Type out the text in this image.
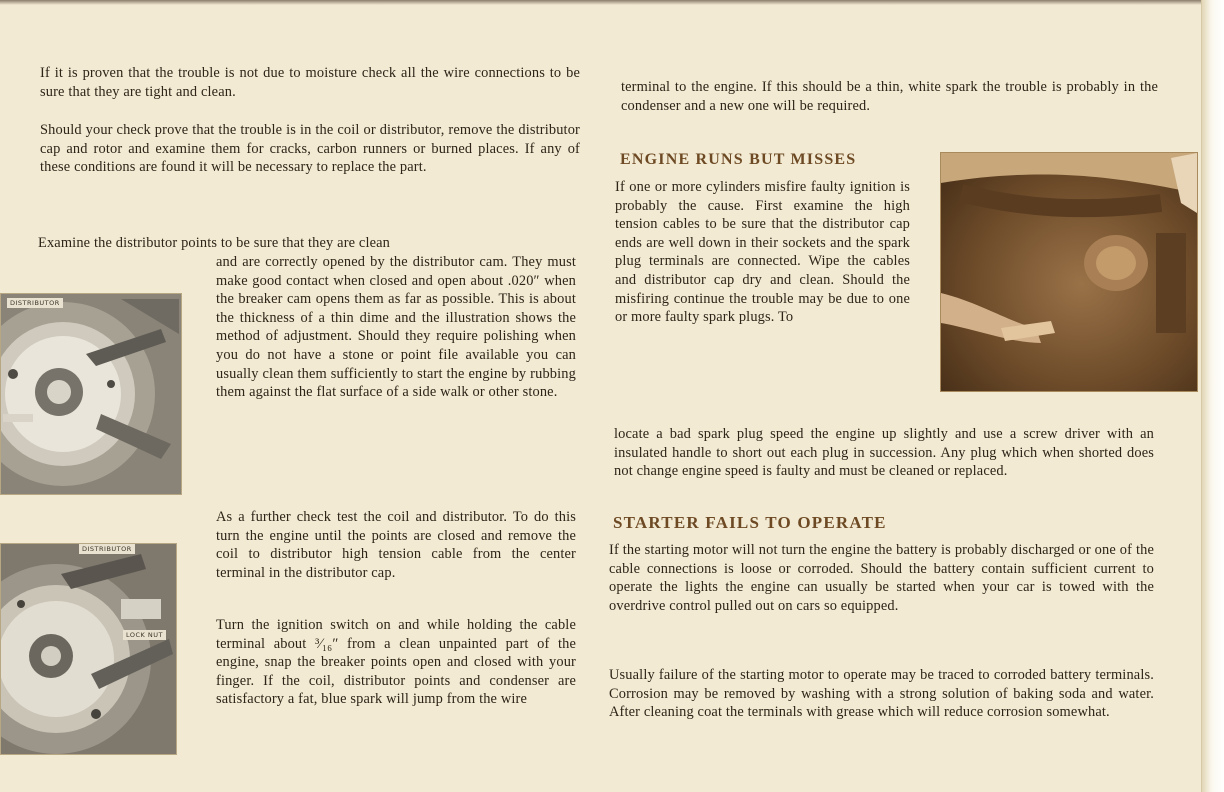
If it is proven that the trouble is not due to moisture check all the wire connections to be sure that they are tight and clean.

Should your check prove that the trouble is in the coil or distributor, remove the distributor cap and rotor and examine them for cracks, carbon runners or burned places. If any of these conditions are found it will be necessary to replace the part.

Examine the distributor points to be sure that they are clean

and are correctly opened by the distributor cam. They must make good contact when closed and open about .020″ when the breaker cam opens them as far as possible. This is about the thickness of a thin dime and the illustration shows the method of adjustment. Should they require polishing when you do not have a stone or point file available you can usually clean them sufficiently to start the engine by rubbing them against the flat surface of a side walk or other stone.

As a further check test the coil and distributor. To do this turn the engine until the points are closed and remove the coil to distributor high tension cable from the center terminal in the distributor cap.

Turn the ignition switch on and while holding the cable terminal about ³⁄₁₆″ from a clean unpainted part of the engine, snap the breaker points open and closed with your finger. If the coil, distributor points and condenser are satisfactory a fat, blue spark will jump from the wire

DISTRIBUTOR
DISTRIBUTOR
LOCK NUT

terminal to the engine. If this should be a thin, white spark the trouble is probably in the condenser and a new one will be required.

ENGINE RUNS BUT MISSES

If one or more cylinders misfire faulty ignition is probably the cause. First examine the high tension cables to be sure that the distributor cap ends are well down in their sockets and the spark plug terminals are connected. Wipe the cables and distributor cap dry and clean. Should the misfiring continue the trouble may be due to one or more faulty spark plugs. To

locate a bad spark plug speed the engine up slightly and use a screw driver with an insulated handle to short out each plug in succession. Any plug which when shorted does not change engine speed is faulty and must be cleaned or replaced.

STARTER FAILS TO OPERATE

If the starting motor will not turn the engine the battery is probably discharged or one of the cable connections is loose or corroded. Should the battery contain sufficient current to operate the lights the engine can usually be started when your car is towed with the overdrive control pulled out on cars so equipped.

Usually failure of the starting motor to operate may be traced to corroded battery terminals. Corrosion may be removed by washing with a strong solution of baking soda and water. After cleaning coat the terminals with grease which will reduce corrosion somewhat.
